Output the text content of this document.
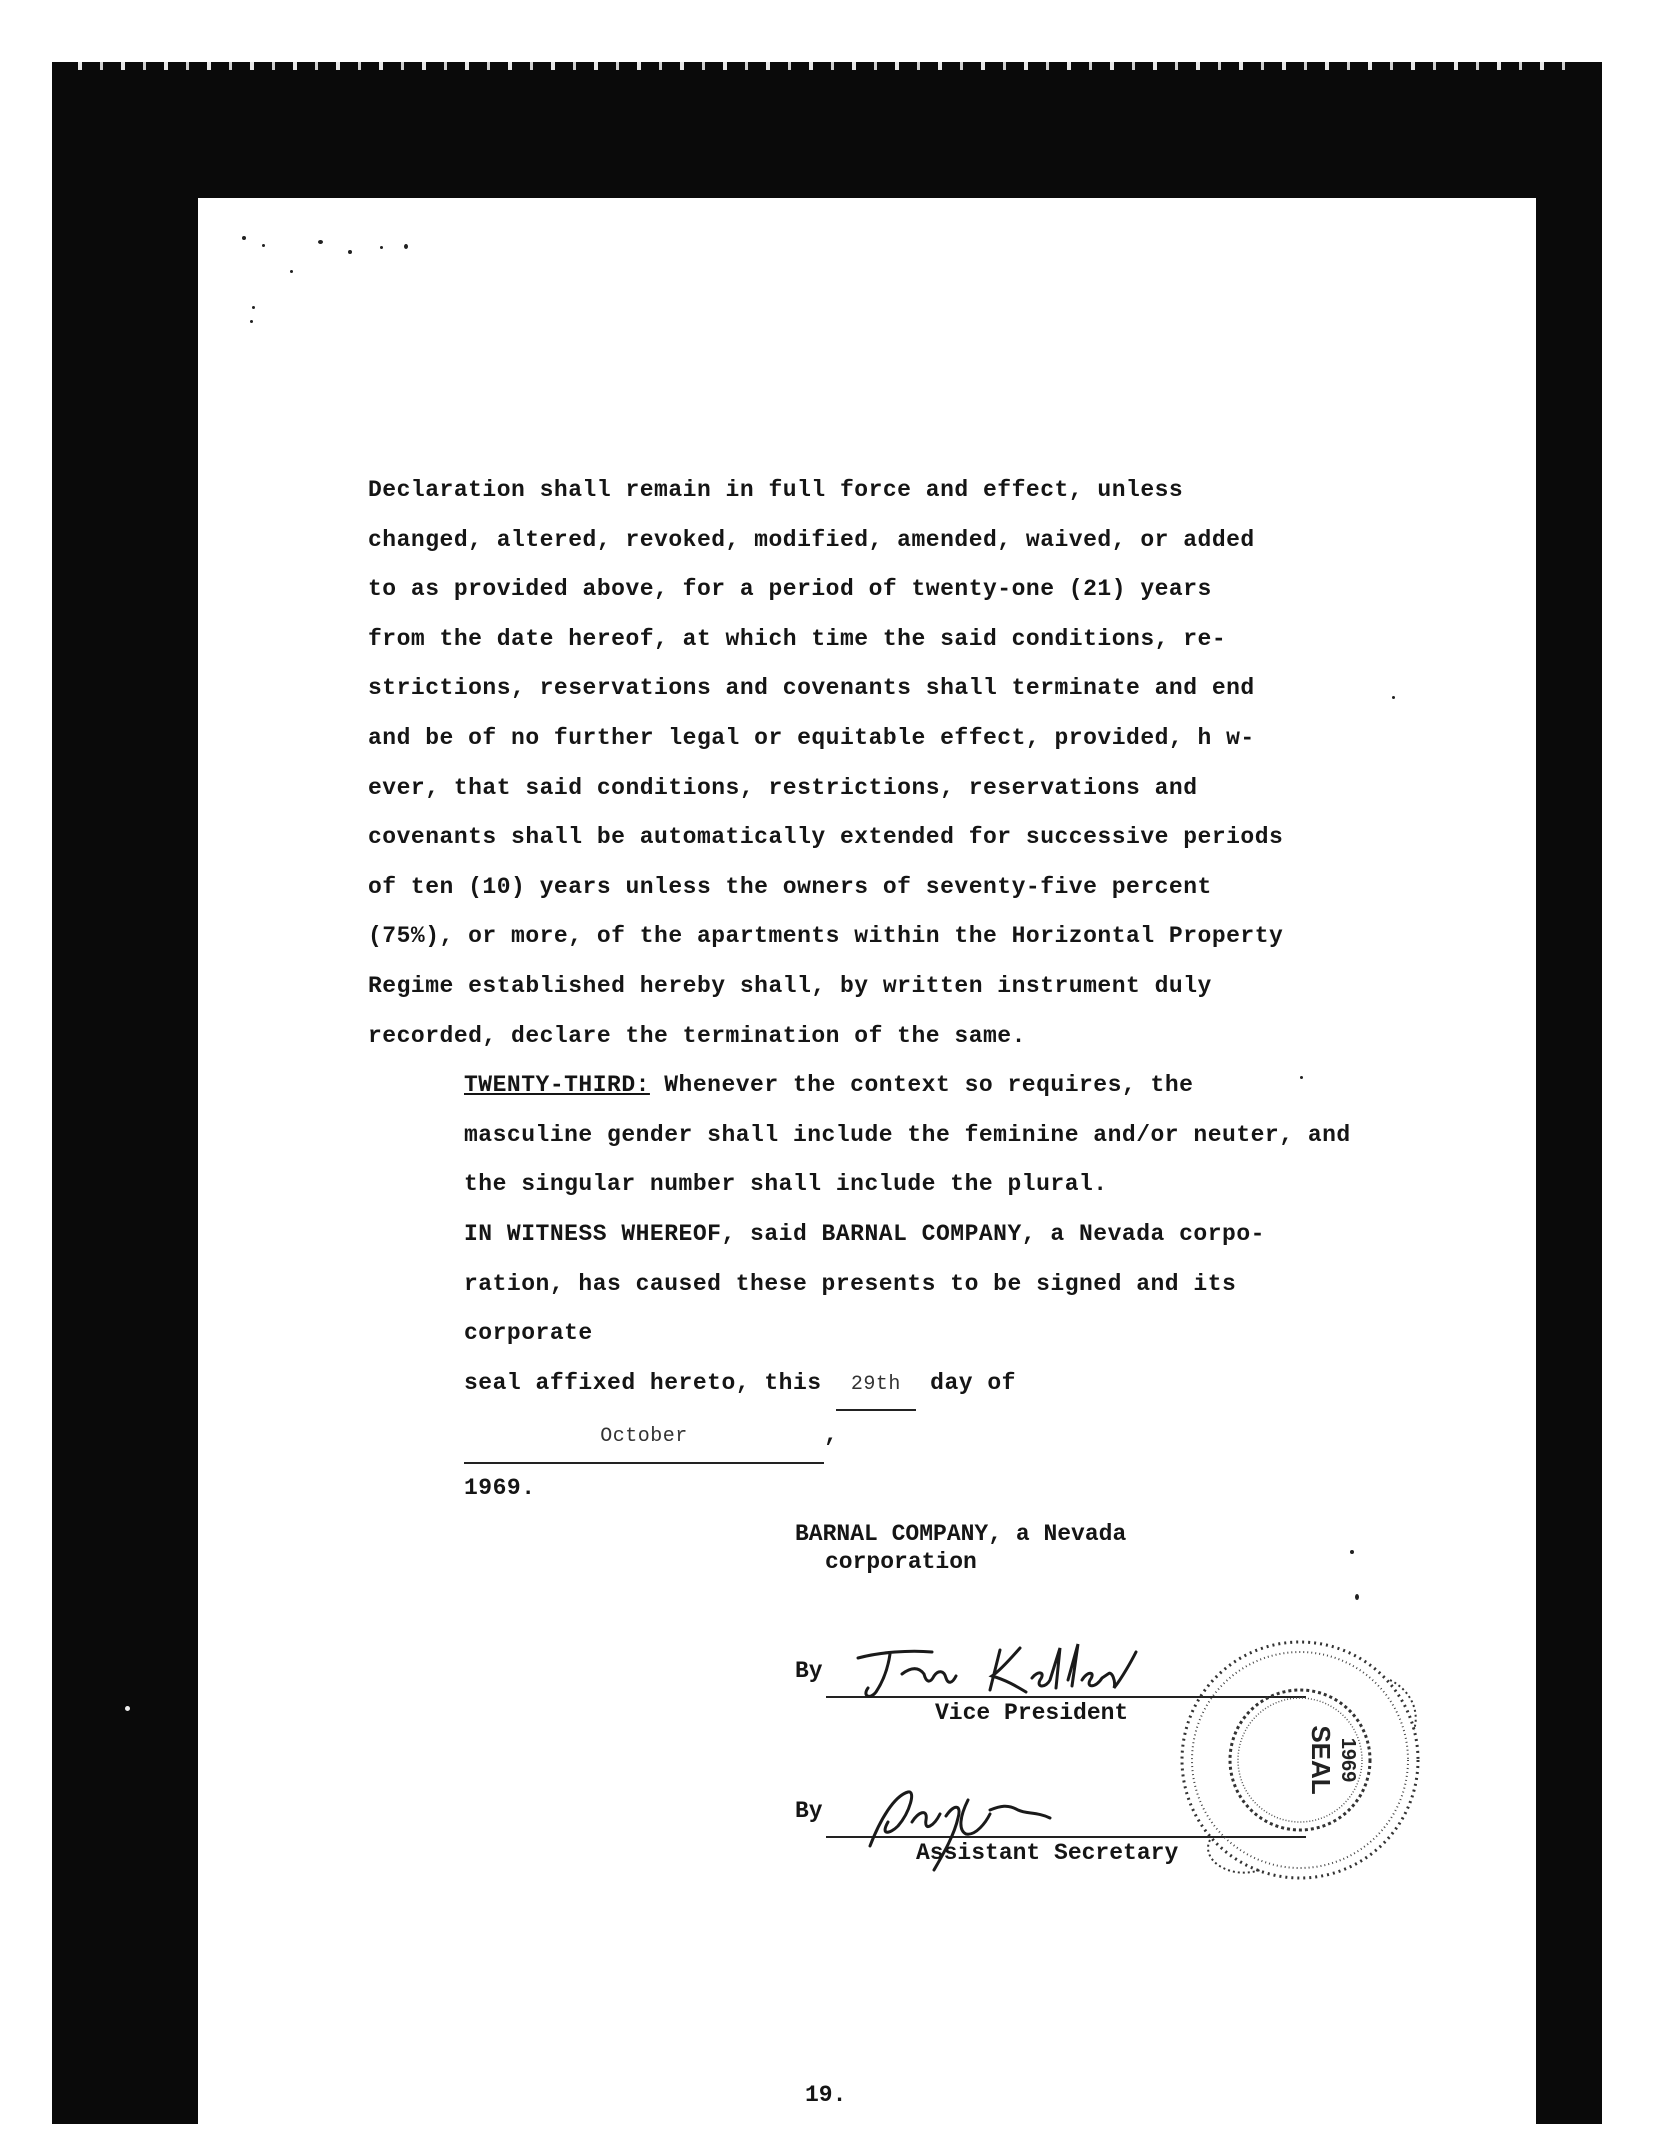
Declaration shall remain in full force and effect, unless
changed, altered, revoked, modified, amended, waived, or added
to as provided above, for a period of twenty-one (21) years
from the date hereof, at which time the said conditions, re-
strictions, reservations and covenants shall terminate and end
and be of no further legal or equitable effect, provided, h w-
ever, that said conditions, restrictions, reservations and
covenants shall be automatically extended for successive periods
of ten (10) years unless the owners of seventy-five percent
(75%), or more, of the apartments within the Horizontal Property
Regime established hereby shall, by written instrument duly
recorded, declare the termination of the same.

TWENTY-THIRD: Whenever the context so requires, the
masculine gender shall include the feminine and/or neuter, and
the singular number shall include the plural.

IN WITNESS WHEREOF, said BARNAL COMPANY, a Nevada corpo-
ration, has caused these presents to be signed and its corporate
seal affixed hereto, this 29th day of October	,
1969.

BARNAL COMPANY, a Nevada
corporation
By
Vice President
By
Assistant Secretary
SEAL 1969
19.
